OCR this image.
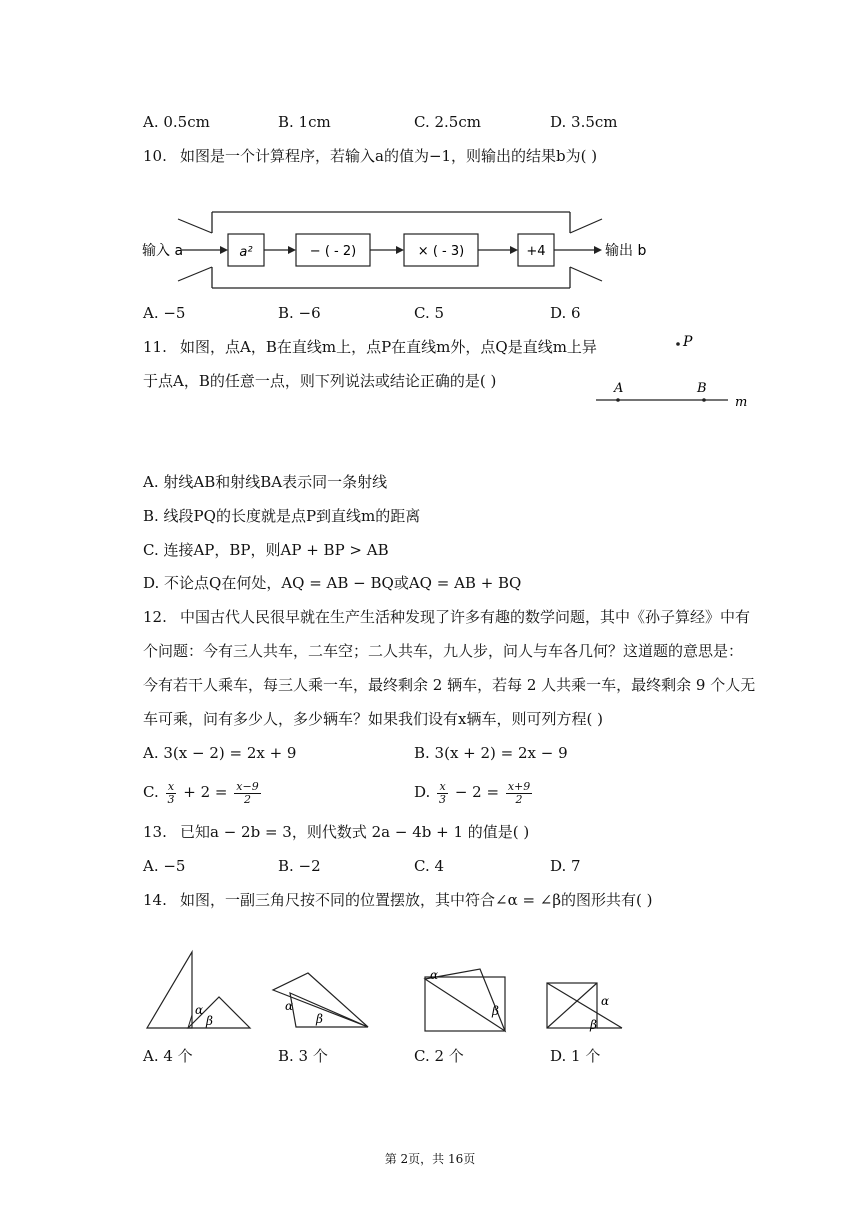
A. 0.5cm	B. 1cm	C. 2.5cm	D. 3.5cm
10. 如图是一个计算程序，若输入a的值为−1，则输出的结果b为( )
输入 a	a²	− ( - 2)	× ( - 3)	+4	输出 b
A. −5	B. −6	C. 5	D. 6
11. 如图，点A，B在直线m上，点P在直线m外，点Q是直线m上异
于点A，B的任意一点，则下列说法或结论正确的是( )
P
A	B
m
A. 射线AB和射线BA表示同一条射线
B. 线段PQ的长度就是点P到直线m的距离
C. 连接AP，BP，则AP + BP > AB
D. 不论点Q在何处，AQ = AB − BQ或AQ = AB + BQ
12. 中国古代人民很早就在生产生活种发现了许多有趣的数学问题，其中《孙子算经》中有
个问题：今有三人共车，二车空；二人共车，九人步，问人与车各几何？这道题的意思是：
今有若干人乘车，每三人乘一车，最终剩余 2 辆车，若每 2 人共乘一车，最终剩余 9 个人无
车可乘，问有多少人，多少辆车？如果我们设有x辆车，则可列方程( )
A. 3(x − 2) = 2x + 9	B. 3(x + 2) = 2x − 9
C. $\frac{x}{3} + 2 = \frac{x-9}{2}$	D. $\frac{x}{3} - 2 = \frac{x+9}{2}$
13. 已知a − 2b = 3，则代数式 2a − 4b + 1 的值是( )
A. −5	B. −2	C. 4	D. 7
14. 如图，一副三角尺按不同的位置摆放，其中符合∠α = ∠β的图形共有( )
α
β
α
β
α
β
α
β
A. 4 个	B. 3 个	C. 2 个	D. 1 个
第 2页，共 16页
